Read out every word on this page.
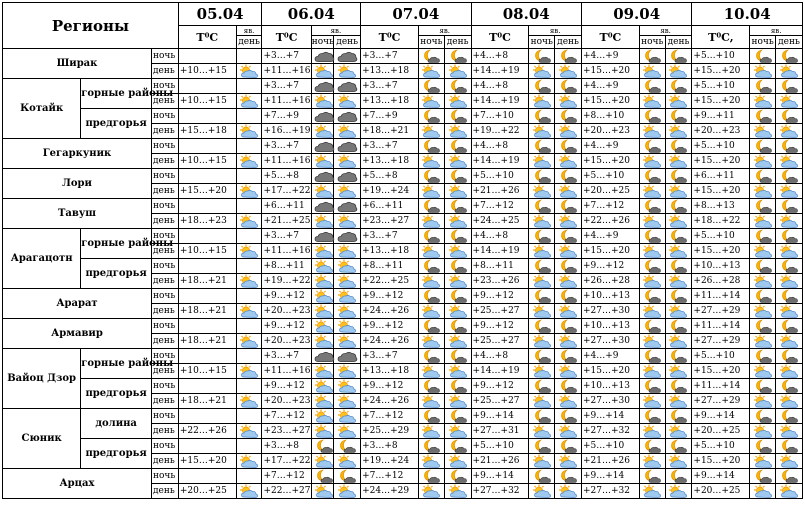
Регионы			05.04		06.04			07.04			08.04			09.04			10.04		
			T⁰C	яв.	T⁰C	яв.		T⁰C	яв.		T⁰C	яв.		T⁰C	яв.		T⁰C,	яв.	
				день		ночь	день		ночь	день		ночь	день		ночь	день		ночь	день
Ширак		ночь			+3…+7			+3…+7			+4…+8			+4…+9			+5…+10	

		день	+10…+15		+11…+16			+13…+18			+14…+19			+15…+20			+15…+20	

Котайк	горные районы	ночь			+3…+7			+3…+7			+4…+8			+4…+9			+5…+10	

		день	+10…+15		+11…+16			+13…+18			+14…+19			+15…+20			+15…+20	

	предгорья	ночь			+7…+9			+7…+9			+7…+10			+8…+10			+9…+11	

		день	+15…+18		+16…+19			+18…+21			+19…+22			+20…+23			+20…+23	

Гегаркуник		ночь			+3…+7			+3…+7			+4…+8			+4…+9			+5…+10	

		день	+10…+15		+11…+16			+13…+18			+14…+19			+15…+20			+15…+20	

Лори		ночь			+5…+8			+5…+8			+5…+10			+5…+10			+6…+11	

		день	+15…+20		+17…+22			+19…+24			+21…+26			+20…+25			+15…+20	

Тавуш		ночь			+6…+11			+6…+11			+7…+12			+7…+12			+8…+13	

		день	+18…+23		+21…+25			+23…+27			+24…+25			+22…+26			+18…+22	

Арагацотн	горные районы	ночь			+3…+7			+3…+7			+4…+8			+4…+9			+5…+10	

		день	+10…+15		+11…+16			+13…+18			+14…+19			+15…+20			+15…+20	

	предгорья	ночь			+8…+11			+8…+11			+8…+11			+9…+12			+10…+13	

		день	+18…+21		+19…+22			+22…+25			+23…+26			+26…+28			+26…+28	

Арарат		ночь			+9…+12			+9…+12			+9…+12			+10…+13			+11…+14	

		день	+18…+21		+20…+23			+24…+26			+25…+27			+27…+30			+27…+29	

Армавир		ночь			+9…+12			+9…+12			+9…+12			+10…+13			+11…+14	

		день	+18…+21		+20…+23			+24…+26			+25…+27			+27…+30			+27…+29	

Вайоц Дзор	горные районы	ночь			+3…+7			+3…+7			+4…+8			+4…+9			+5…+10	

		день	+10…+15		+11…+16			+13…+18			+14…+19			+15…+20			+15…+20	

	предгорья	ночь			+9…+12			+9…+12			+9…+12			+10…+13			+11…+14	

		день	+18…+21		+20…+23			+24…+26			+25…+27			+27…+30			+27…+29	

Сюник	долина	ночь			+7…+12			+7…+12			+9…+14			+9…+14			+9…+14	

		день	+22…+26		+23…+27			+25…+29			+27…+31			+27…+32			+20…+25	

	предгорья	ночь			+3…+8			+3…+8			+5…+10			+5…+10			+5…+10	

		день	+15…+20		+17…+22			+19…+24			+21…+26			+21…+26			+15…+20	

Арцах		ночь			+7…+12			+7…+12			+9…+14			+9…+14			+9…+14	

		день	+20…+25		+22…+27			+24…+29			+27…+32			+27…+32			+20…+25	
